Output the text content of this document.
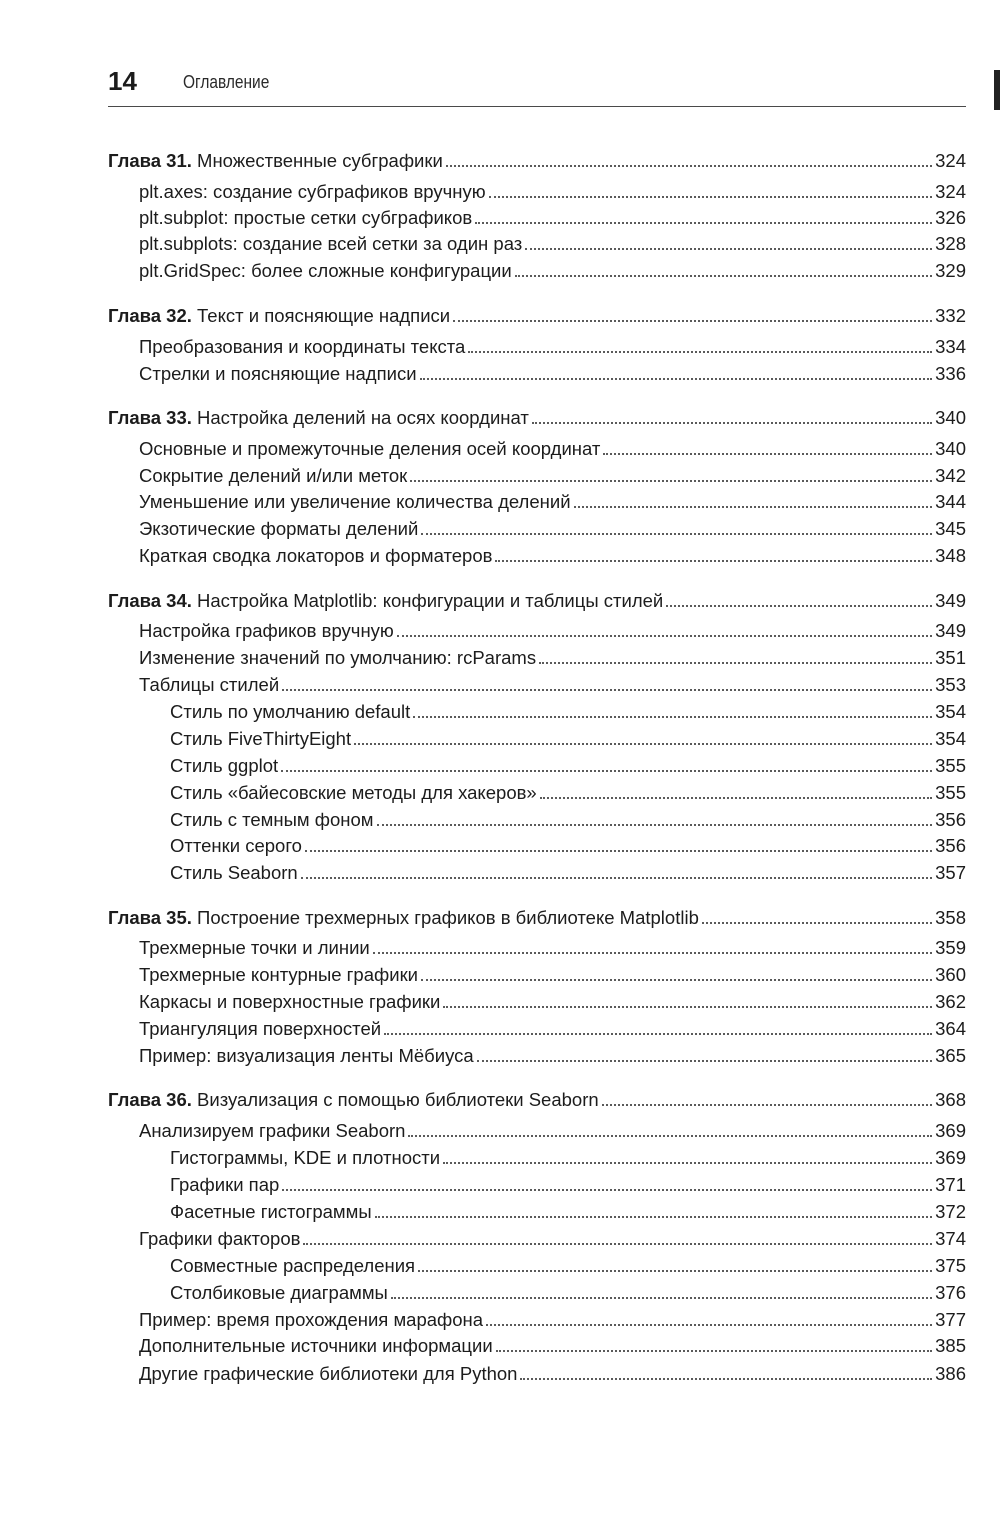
14	Оглавление
Глава 31. Множественные субграфики	324
plt.axes: создание субграфиков вручную	324
plt.subplot: простые сетки субграфиков	326
plt.subplots: создание всей сетки за один раз	328
plt.GridSpec: более сложные конфигурации	329
Глава 32. Текст и поясняющие надписи	332
Преобразования и координаты текста	334
Стрелки и поясняющие надписи	336
Глава 33. Настройка делений на осях координат	340
Основные и промежуточные деления осей координат	340
Сокрытие делений и/или меток	342
Уменьшение или увеличение количества делений	344
Экзотические форматы делений	345
Краткая сводка локаторов и форматеров	348
Глава 34. Настройка Matplotlib: конфигурации и таблицы стилей	349
Настройка графиков вручную	349
Изменение значений по умолчанию: rcParams	351
Таблицы стилей	353
Стиль по умолчанию default	354
Стиль FiveThirtyEight	354
Стиль ggplot	355
Стиль «байесовские методы для хакеров»	355
Стиль с темным фоном	356
Оттенки серого	356
Стиль Seaborn	357
Глава 35. Построение трехмерных графиков в библиотеке Matplotlib	358
Трехмерные точки и линии	359
Трехмерные контурные графики	360
Каркасы и поверхностные графики	362
Триангуляция поверхностей	364
Пример: визуализация ленты Мёбиуса	365
Глава 36. Визуализация с помощью библиотеки Seaborn	368
Анализируем графики Seaborn	369
Гистограммы, KDE и плотности	369
Графики пар	371
Фасетные гистограммы	372
Графики факторов	374
Совместные распределения	375
Столбиковые диаграммы	376
Пример: время прохождения марафона	377
Дополнительные источники информации	385
Другие графические библиотеки для Python	386
